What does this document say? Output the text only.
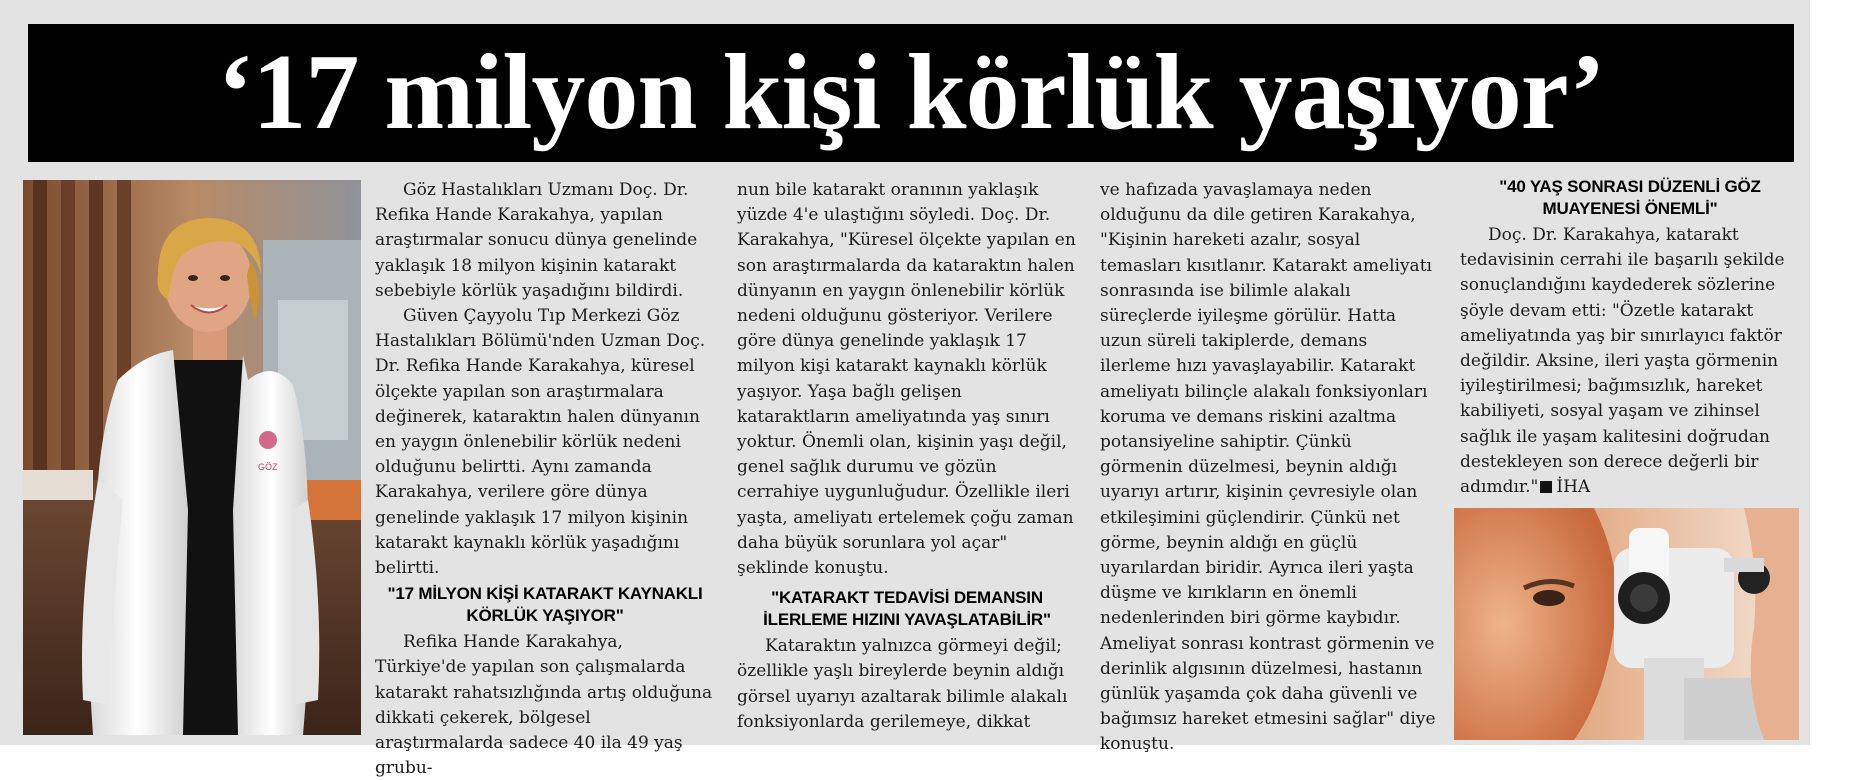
‘17 milyon kişi körlük yaşıyor’
GÖZ

Göz Hastalıkları Uzmanı Doç. Dr. Refika Hande Karakahya, yapılan araştırmalar sonucu dünya genelinde yaklaşık 18 milyon kişinin katarakt sebebiyle körlük yaşadığını bildirdi.

Güven Çayyolu Tıp Merkezi Göz Hastalıkları Bölümü'nden Uzman Doç. Dr. Refika Hande Karakahya, küresel ölçekte yapılan son araştırmalara değinerek, kataraktın halen dünyanın en yaygın önlenebilir körlük nedeni olduğunu belirtti. Aynı zamanda Karakahya, verilere göre dünya genelinde yaklaşık 17 milyon kişinin katarakt kaynaklı körlük yaşadığını belirtti.

"17 MİLYON KİŞİ KATARAKT KAYNAKLI KÖRLÜK YAŞIYOR"

Refika Hande Karakahya, Türkiye'de yapılan son çalışmalarda katarakt rahatsızlığında artış olduğuna dikkati çekerek, bölgesel araştırmalarda sadece 40 ila 49 yaş grubu-

nun bile katarakt oranının yaklaşık yüzde 4'e ulaştığını söyledi. Doç. Dr. Karakahya, "Küresel ölçekte yapılan en son araştırmalarda da kataraktın halen dünyanın en yaygın önlenebilir körlük nedeni olduğunu gösteriyor. Verilere göre dünya genelinde yaklaşık 17 milyon kişi katarakt kaynaklı körlük yaşıyor. Yaşa bağlı gelişen kataraktların ameliyatında yaş sınırı yoktur. Önemli olan, kişinin yaşı değil, genel sağlık durumu ve gözün cerrahiye uygunluğudur. Özellikle ileri yaşta, ameliyatı ertelemek çoğu zaman daha büyük sorunlara yol açar" şeklinde konuştu.

"KATARAKT TEDAVİSİ DEMANSIN İLERLEME HIZINI YAVAŞLATABİLİR"

Kataraktın yalnızca görmeyi değil; özellikle yaşlı bireylerde beynin aldığı görsel uyarıyı azaltarak bilimle alakalı fonksiyonlarda gerilemeye, dikkat

ve hafızada yavaşlamaya neden olduğunu da dile getiren Karakahya, "Kişinin hareketi azalır, sosyal temasları kısıtlanır. Katarakt ameliyatı sonrasında ise bilimle alakalı süreçlerde iyileşme görülür. Hatta uzun süreli takiplerde, demans ilerleme hızı yavaşlayabilir. Katarakt ameliyatı bilinçle alakalı fonksiyonları koruma ve demans riskini azaltma potansiyeline sahiptir. Çünkü görmenin düzelmesi, beynin aldığı uyarıyı artırır, kişinin çevresiyle olan etkileşimini güçlendirir. Çünkü net görme, beynin aldığı en güçlü uyarılardan biridir. Ayrıca ileri yaşta düşme ve kırıkların en önemli nedenlerinden biri görme kaybıdır. Ameliyat sonrası kontrast görmenin ve derinlik algısının düzelmesi, hastanın günlük yaşamda çok daha güvenli ve bağımsız hareket etmesini sağlar" diye konuştu.

"40 YAŞ SONRASI DÜZENLİ GÖZ MUAYENESİ ÖNEMLİ"

Doç. Dr. Karakahya, katarakt tedavisinin cerrahi ile başarılı şekilde sonuçlandığını kaydederek sözlerine şöyle devam etti: "Özetle katarakt ameliyatında yaş bir sınırlayıcı faktör değildir. Aksine, ileri yaşta görmenin iyileştirilmesi; bağımsızlık, hareket kabiliyeti, sosyal yaşam ve zihinsel sağlık ile yaşam kalitesini doğrudan destekleyen son derece değerli bir adımdır." İHA
